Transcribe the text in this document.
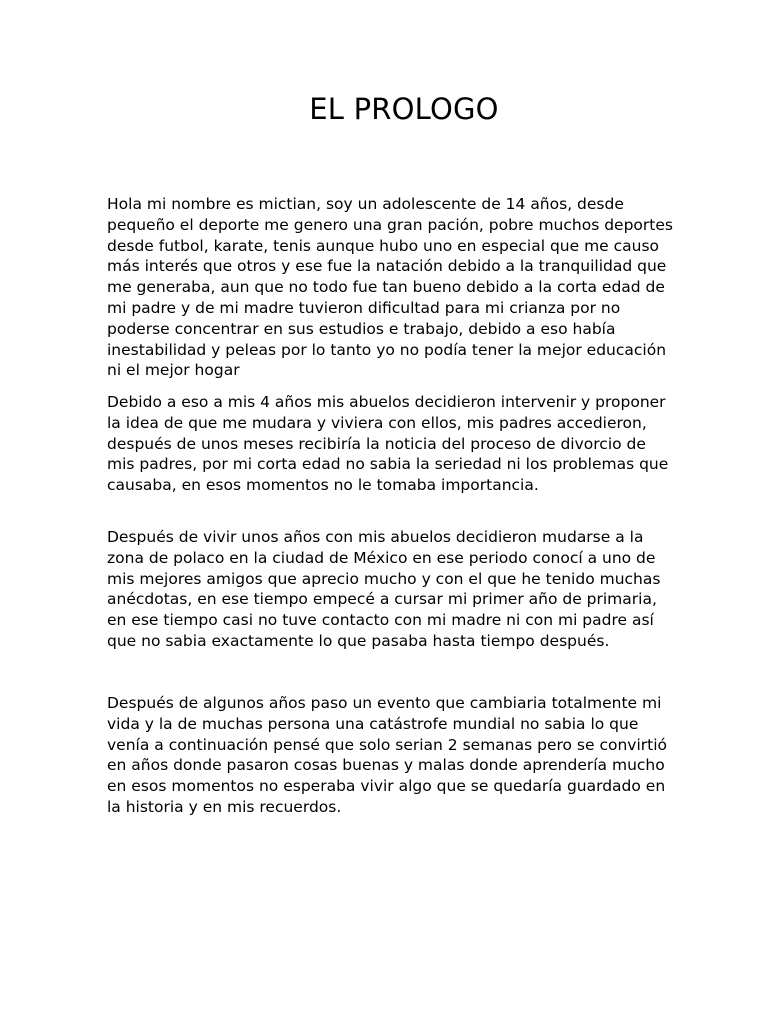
EL PROLOGO

Hola mi nombre es mictian, soy un adolescente de 14 años, desde
pequeño el deporte me genero una gran pación, pobre muchos deportes
desde futbol, karate, tenis aunque hubo uno en especial que me causo
más interés que otros y ese fue la natación debido a la tranquilidad que
me generaba, aun que no todo fue tan bueno debido a la corta edad de
mi padre y de mi madre tuvieron dificultad para mi crianza por no
poderse concentrar en sus estudios e trabajo, debido a eso había
inestabilidad y peleas por lo tanto yo no podía tener la mejor educación
ni el mejor hogar

Debido a eso a mis 4 años mis abuelos decidieron intervenir y proponer
la idea de que me mudara y viviera con ellos, mis padres accedieron,
después de unos meses recibiría la noticia del proceso de divorcio de
mis padres, por mi corta edad no sabia la seriedad ni los problemas que
causaba, en esos momentos no le tomaba importancia.

Después de vivir unos años con mis abuelos decidieron mudarse a la
zona de polaco en la ciudad de México en ese periodo conocí a uno de
mis mejores amigos que aprecio mucho y con el que he tenido muchas
anécdotas, en ese tiempo empecé a cursar mi primer año de primaria,
en ese tiempo casi no tuve contacto con mi madre ni con mi padre así
que no sabia exactamente lo que pasaba hasta tiempo después.

Después de algunos años paso un evento que cambiaria totalmente mi
vida y la de muchas persona una catástrofe mundial no sabia lo que
venía a continuación pensé que solo serian 2 semanas pero se convirtió
en años donde pasaron cosas buenas y malas donde aprendería mucho
en esos momentos no esperaba vivir algo que se quedaría guardado en
la historia y en mis recuerdos.
